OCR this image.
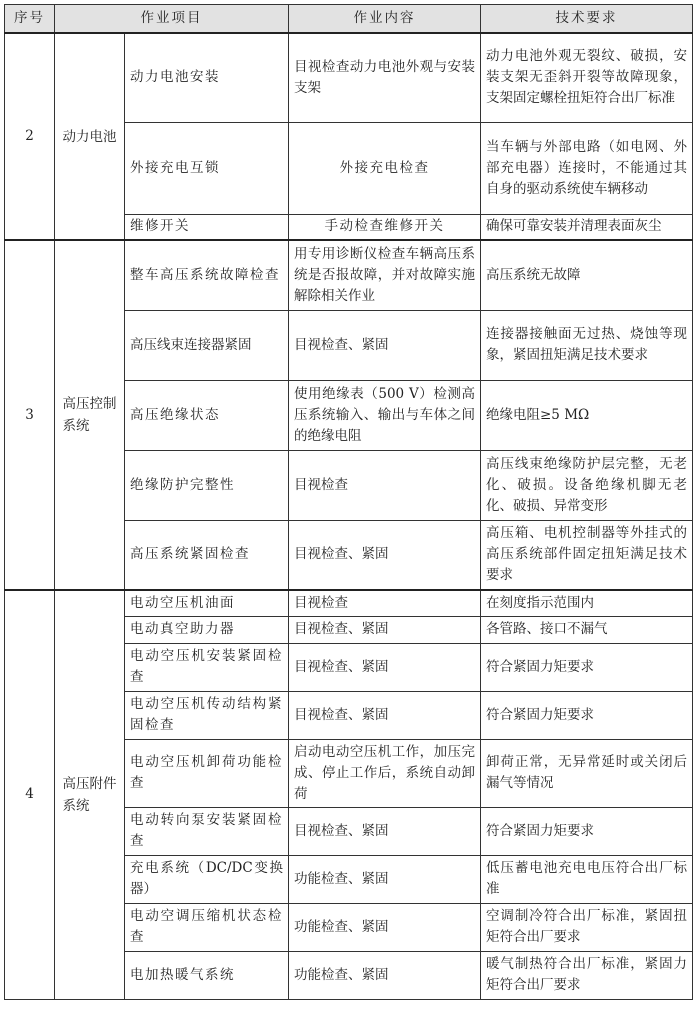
序号	作业项目		作业内容	技术要求
2	动力电池	动力电池安装	目视检查动力电池外观与安装支架	动力电池外观无裂纹、破损，安装支架无歪斜开裂等故障现象，支架固定螺栓扭矩符合出厂标准
		外接充电互锁	外接充电检查	当车辆与外部电路（如电网、外部充电器）连接时，不能通过其自身的驱动系统使车辆移动
		维修开关	手动检查维修开关	确保可靠安装并清理表面灰尘
3	高压控制系统	整车高压系统故障检查	用专用诊断仪检查车辆高压系统是否报故障，并对故障实施解除相关作业	高压系统无故障
		高压线束连接器紧固	目视检查、紧固	连接器接触面无过热、烧蚀等现象，紧固扭矩满足技术要求
		高压绝缘状态	使用绝缘表（500 V）检测高压系统输入、输出与车体之间的绝缘电阻	绝缘电阻≥5 MΩ
		绝缘防护完整性	目视检查	高压线束绝缘防护层完整，无老化、破损。设备绝缘机脚无老化、破损、异常变形
		高压系统紧固检查	目视检查、紧固	高压箱、电机控制器等外挂式的高压系统部件固定扭矩满足技术要求
4	高压附件系统	电动空压机油面	目视检查	在刻度指示范围内
		电动真空助力器	目视检查、紧固	各管路、接口不漏气
		电动空压机安装紧固检查	目视检查、紧固	符合紧固力矩要求
		电动空压机传动结构紧固检查	目视检查、紧固	符合紧固力矩要求
		电动空压机卸荷功能检查	启动电动空压机工作，加压完成、停止工作后，系统自动卸荷	卸荷正常，无异常延时或关闭后漏气等情况
		电动转向泵安装紧固检查	目视检查、紧固	符合紧固力矩要求
		充电系统（DC/DC变换器）	功能检查、紧固	低压蓄电池充电电压符合出厂标准
		电动空调压缩机状态检查	功能检查、紧固	空调制冷符合出厂标准，紧固扭矩符合出厂要求
		电加热暖气系统	功能检查、紧固	暖气制热符合出厂标准，紧固力矩符合出厂要求
